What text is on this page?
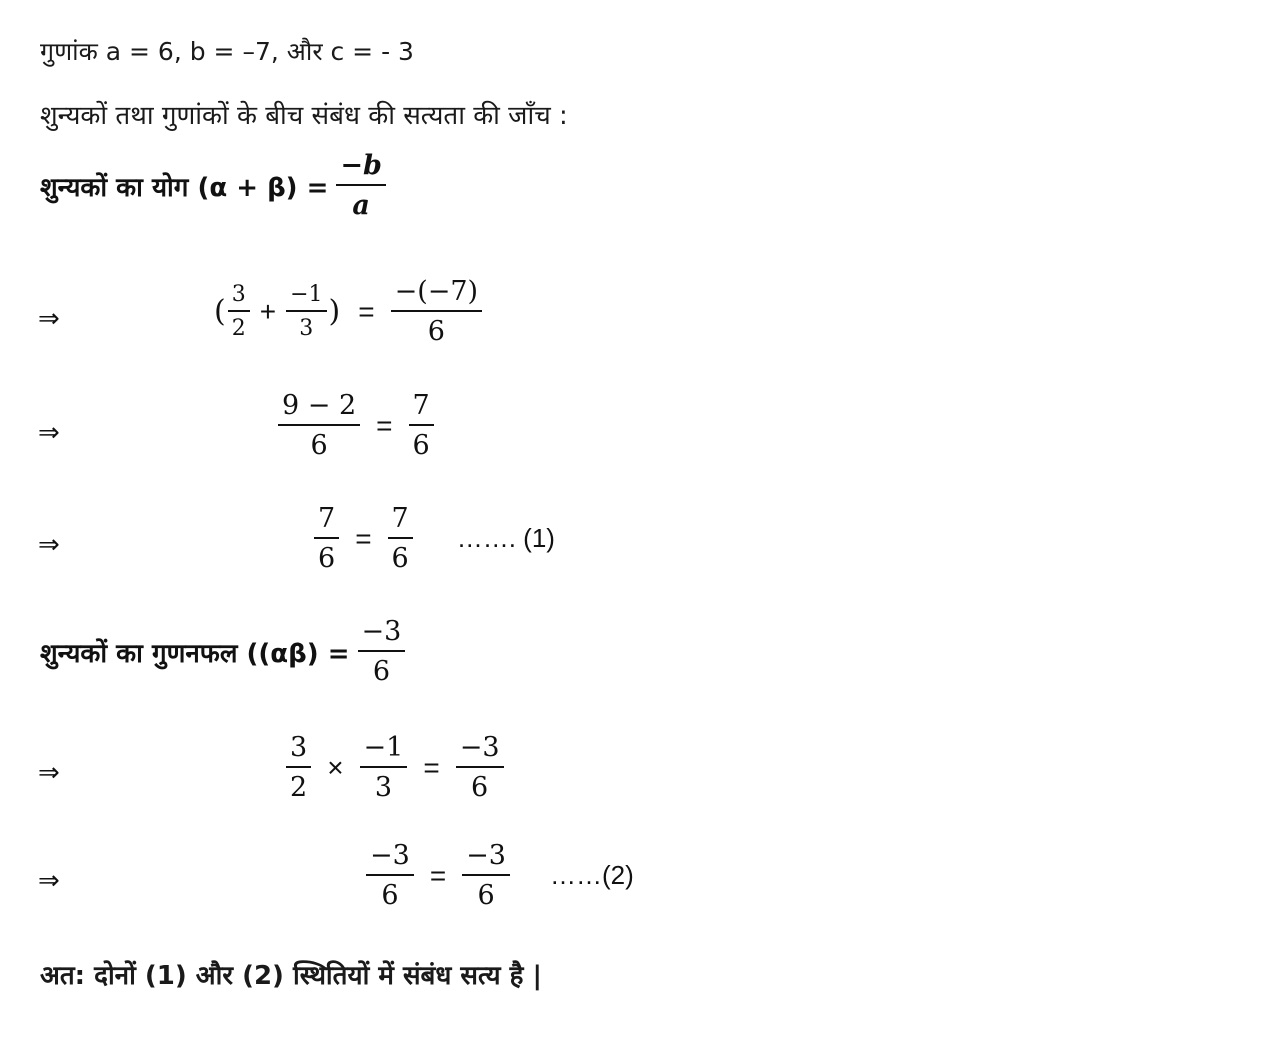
गुणांक a = 6, b = –7, और c = - 3
शुन्यकों तथा गुणांकों के बीच संबंध की सत्यता की जाँच :
शुन्यकों का योग $(\alpha + \beta) = \frac{-b}{a}$
⇒	( $\frac{3}{2} + \frac{-1}{3}$ ) = $\frac{-(-7)}{6}$
⇒	$\frac{9 - 2}{6} = \frac{7}{6}$
⇒	$\frac{7}{6} = \frac{7}{6}$ ……. (1)
शुन्यकों का गुणनफल ($(\alpha\beta) = \frac{-3}{6}$
⇒	$\frac{3}{2} \times \frac{-1}{3} = \frac{-3}{6}$
⇒	$\frac{-3}{6} = \frac{-3}{6}$ ……(2)
अत: दोनों (1) और (2) स्थितियों में संबंध सत्य है |
